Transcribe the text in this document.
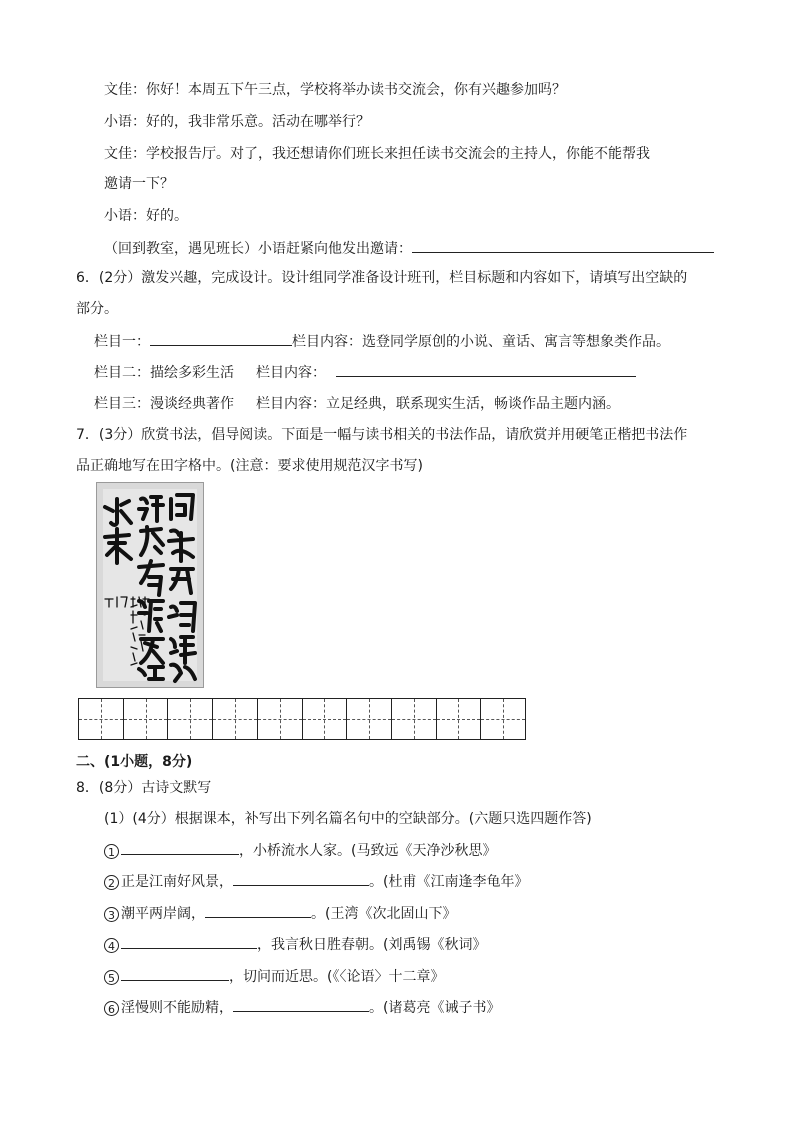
文佳：你好！本周五下午三点，学校将举办读书交流会，你有兴趣参加吗？
小语：好的，我非常乐意。活动在哪举行？
文佳：学校报告厅。对了，我还想请你们班长来担任读书交流会的主持人，你能不能帮我
邀请一下？
小语：好的。
（回到教室，遇见班长）小语赶紧向他发出邀请：
6．(2分）激发兴趣，完成设计。设计组同学准备设计班刊，栏目标题和内容如下，请填写出空缺的
部分。
栏目一：	栏目内容：选登同学原创的小说、童话、寓言等想象类作品。
栏目二：描绘多彩生活 栏目内容：
栏目三：漫谈经典著作 栏目内容：立足经典，联系现实生活，畅谈作品主题内涵。
7．(3分）欣赏书法，倡导阅读。下面是一幅与读书相关的书法作品，请欣赏并用硬笔正楷把书法作
品正确地写在田字格中。(注意：要求使用规范汉字书写)
二、(1小题，8分)
8．(8分）古诗文默写
(1）(4分）根据课本，补写出下列名篇名句中的空缺部分。(六题只选四题作答)
1	，小桥流水人家。(马致远《天净沙秋思》
2 正是江南好风景，	。(杜甫《江南逢李龟年》
3 潮平两岸阔，	。(王湾《次北固山下》
4	，我言秋日胜春朝。(刘禹锡《秋词》
5	，切问而近思。(《〈论语〉十二章》
6 淫慢则不能励精，	。(诸葛亮《诫子书》
